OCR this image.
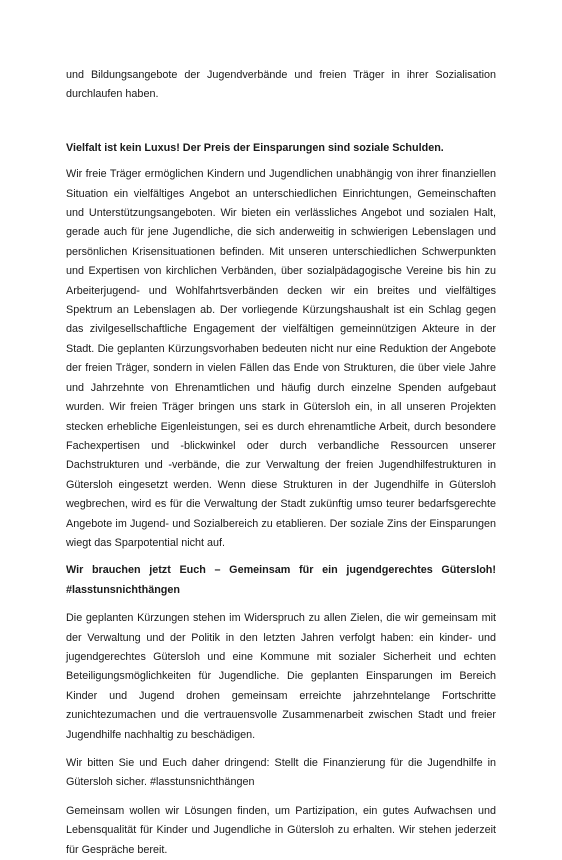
und Bildungsangebote der Jugendverbände und freien Träger in ihrer Sozialisation durchlaufen haben.

Vielfalt ist kein Luxus! Der Preis der Einsparungen sind soziale Schulden.

Wir freie Träger ermöglichen Kindern und Jugendlichen unabhängig von ihrer finanziellen Situation ein vielfältiges Angebot an unterschiedlichen Einrichtungen, Gemeinschaften und Unterstützungsangeboten. Wir bieten ein verlässliches Angebot und sozialen Halt, gerade auch für jene Jugendliche, die sich anderweitig in schwierigen Lebenslagen und persönlichen Krisensituationen befinden. Mit unseren unterschiedlichen Schwerpunkten und Expertisen von kirchlichen Verbänden, über sozialpädagogische Vereine bis hin zu Arbeiterjugend- und Wohlfahrtsverbänden decken wir ein breites und vielfältiges Spektrum an Lebenslagen ab. Der vorliegende Kürzungshaushalt ist ein Schlag gegen das zivilgesellschaftliche Engagement der vielfältigen gemeinnützigen Akteure in der Stadt. Die geplanten Kürzungsvorhaben bedeuten nicht nur eine Reduktion der Angebote der freien Träger, sondern in vielen Fällen das Ende von Strukturen, die über viele Jahre und Jahrzehnte von Ehrenamtlichen und häufig durch einzelne Spenden aufgebaut wurden. Wir freien Träger bringen uns stark in Gütersloh ein, in all unseren Projekten stecken erhebliche Eigenleistungen, sei es durch ehrenamtliche Arbeit, durch besondere Fachexpertisen und -blickwinkel oder durch verbandliche Ressourcen unserer Dachstrukturen und -verbände, die zur Verwaltung der freien Jugendhilfestrukturen in Gütersloh eingesetzt werden. Wenn diese Strukturen in der Jugendhilfe in Gütersloh wegbrechen, wird es für die Verwaltung der Stadt zukünftig umso teurer bedarfsgerechte Angebote im Jugend- und Sozialbereich zu etablieren. Der soziale Zins der Einsparungen wiegt das Sparpotential nicht auf.

Wir brauchen jetzt Euch – Gemeinsam für ein jugendgerechtes Gütersloh! #lasstunsnichthängen

Die geplanten Kürzungen stehen im Widerspruch zu allen Zielen, die wir gemeinsam mit der Verwaltung und der Politik in den letzten Jahren verfolgt haben: ein kinder- und jugendgerechtes Gütersloh und eine Kommune mit sozialer Sicherheit und echten Beteiligungsmöglichkeiten für Jugendliche. Die geplanten Einsparungen im Bereich Kinder und Jugend drohen gemeinsam erreichte jahrzehntelange Fortschritte zunichtezumachen und die vertrauensvolle Zusammenarbeit zwischen Stadt und freier Jugendhilfe nachhaltig zu beschädigen.

Wir bitten Sie und Euch daher dringend: Stellt die Finanzierung für die Jugendhilfe in Gütersloh sicher. #lasstunsnichthängen

Gemeinsam wollen wir Lösungen finden, um Partizipation, ein gutes Aufwachsen und Lebensqualität für Kinder und Jugendliche in Gütersloh zu erhalten. Wir stehen jederzeit für Gespräche bereit.
